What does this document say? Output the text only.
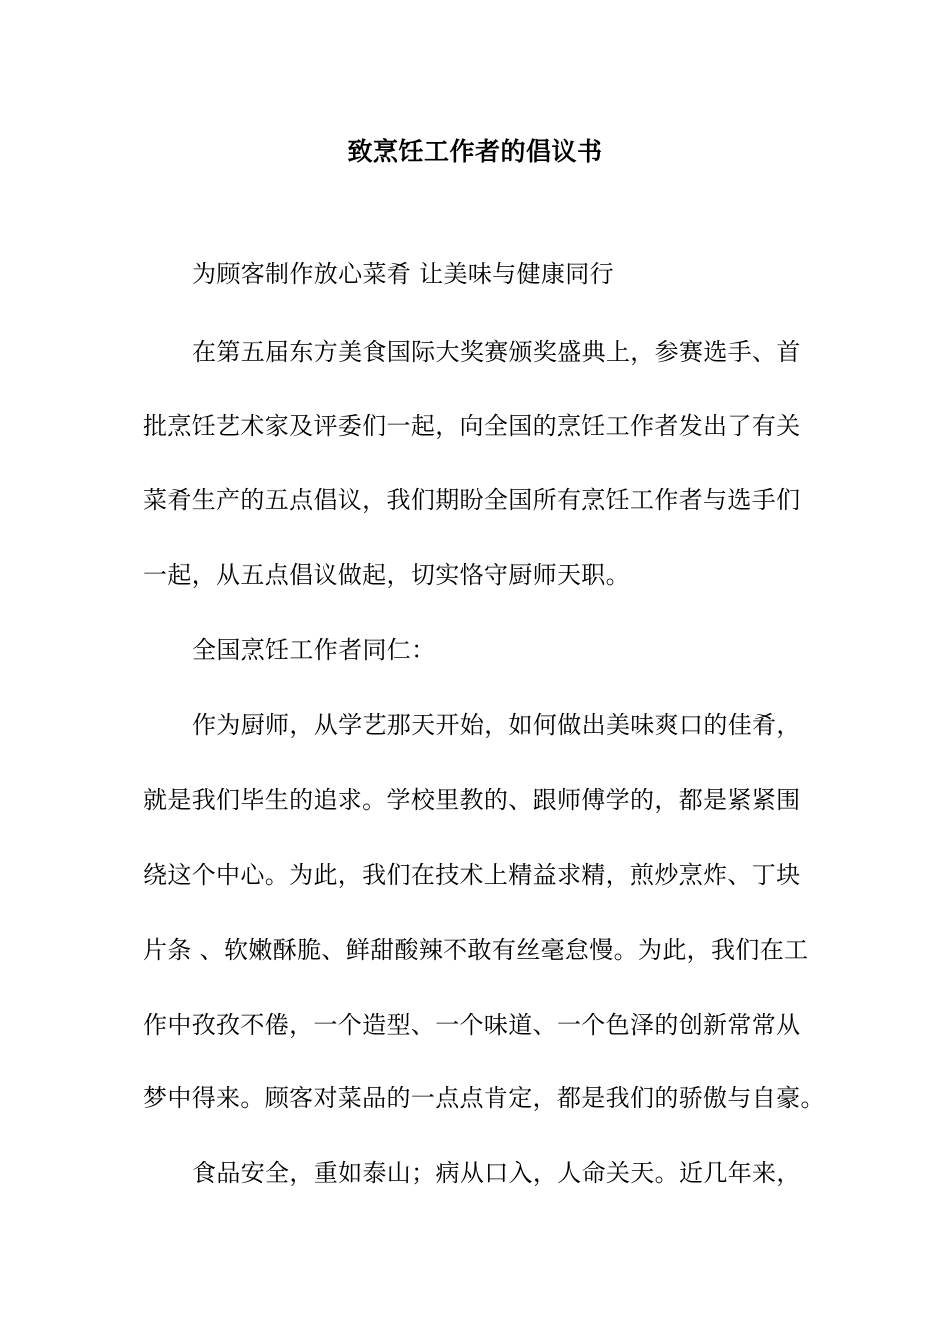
致烹饪工作者的倡议书
为顾客制作放心菜肴 让美味与健康同行
在第五届东方美食国际大奖赛颁奖盛典上，参赛选手、首
批烹饪艺术家及评委们一起，向全国的烹饪工作者发出了有关
菜肴生产的五点倡议，我们期盼全国所有烹饪工作者与选手们
一起，从五点倡议做起，切实恪守厨师天职。
全国烹饪工作者同仁：
作为厨师，从学艺那天开始，如何做出美味爽口的佳肴，
就是我们毕生的追求。学校里教的、跟师傅学的，都是紧紧围
绕这个中心。为此，我们在技术上精益求精，煎炒烹炸、丁块
片条 、软嫩酥脆、鲜甜酸辣不敢有丝毫怠慢。为此，我们在工
作中孜孜不倦，一个造型、一个味道、一个色泽的创新常常从
梦中得来。顾客对菜品的一点点肯定，都是我们的骄傲与自豪。
食品安全，重如泰山；病从口入，人命关天。近几年来，
